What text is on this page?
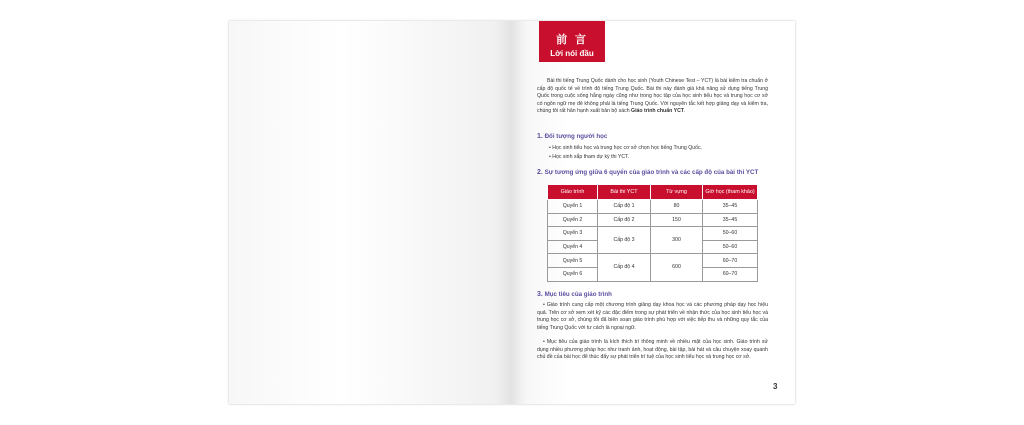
前 言
Lời nói đầu
Bài thi tiếng Trung Quốc dành cho học sinh (Youth Chinese Test – YCT) là bài kiểm tra chuẩn ở cấp độ quốc tế về trình độ tiếng Trung Quốc. Bài thi này đánh giá khả năng sử dụng tiếng Trung Quốc trong cuộc sống hằng ngày cũng như trong học tập của học sinh tiểu học và trung học cơ sở có ngôn ngữ mẹ đẻ không phải là tiếng Trung Quốc. Với nguyên tắc kết hợp giảng dạy và kiểm tra, chúng tôi rất hân hạnh xuất bản bộ sách Giáo trình chuẩn YCT.
1. Đối tượng người học
• Học sinh tiểu học và trung học cơ sở chọn học tiếng Trung Quốc.
• Học sinh sắp tham dự kỳ thi YCT.
2. Sự tương ứng giữa 6 quyển của giáo trình và các cấp độ của bài thi YCT
Giáo trình	Bài thi YCT	Từ vựng	Giờ học (tham khảo)
Quyển 1	Cấp độ 1	80	35–45
Quyển 2	Cấp độ 2	150	35–45
Quyển 3	Cấp độ 3	300	50–60
Quyển 4			50–60
Quyển 5	Cấp độ 4	600	60–70
Quyển 6			60–70
3. Mục tiêu của giáo trình
• Giáo trình cung cấp một chương trình giảng dạy khoa học và các phương pháp dạy học hiệu quả. Trên cơ sở xem xét kỹ các đặc điểm trong sự phát triển về nhận thức của học sinh tiểu học và trung học cơ sở, chúng tôi đã biên soạn giáo trình phù hợp với việc tiếp thu và những quy tắc của tiếng Trung Quốc với tư cách là ngoại ngữ.
• Mục tiêu của giáo trình là kích thích trí thông minh về nhiều mặt của học sinh. Giáo trình sử dụng nhiều phương pháp học như tranh ảnh, hoạt động, bài tập, bài hát và câu chuyện xoay quanh chủ đề của bài học để thúc đẩy sự phát triển trí tuệ của học sinh tiểu học và trung học cơ sở.
3
